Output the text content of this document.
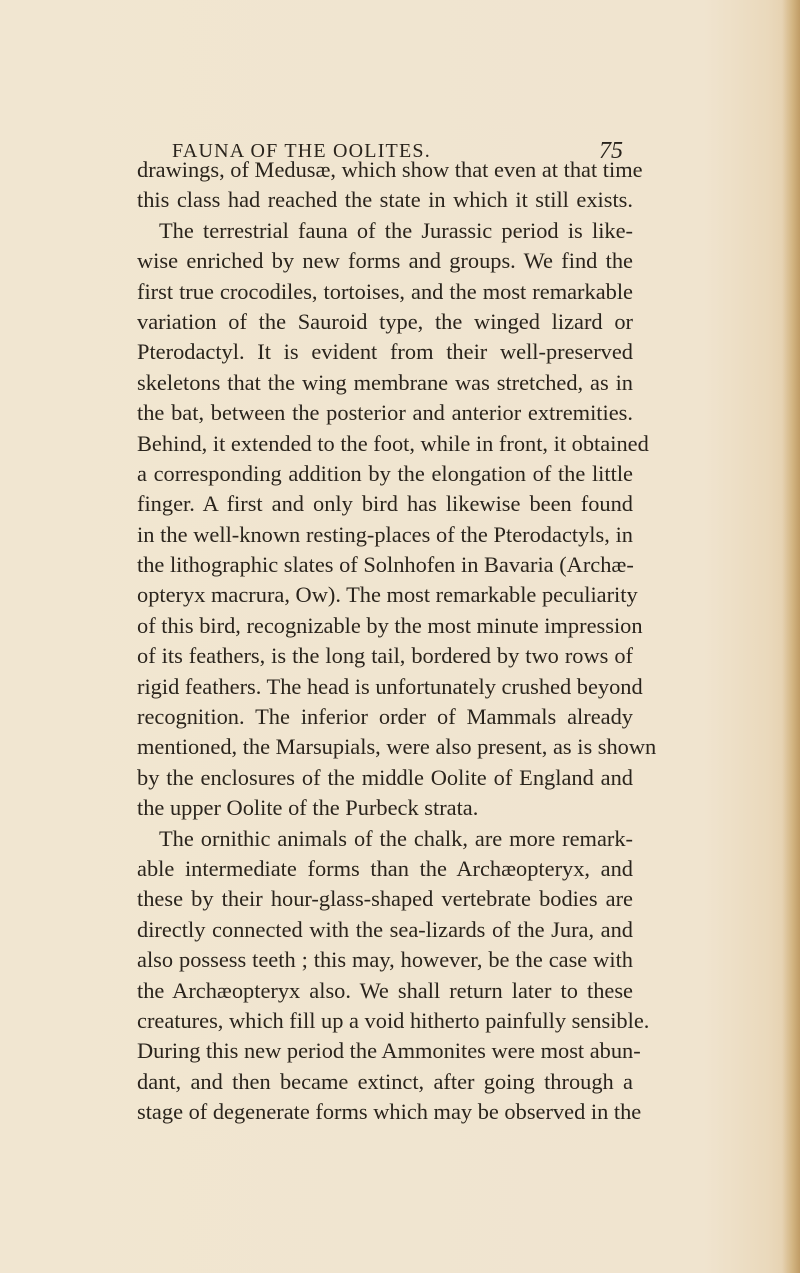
FAUNA OF THE OOLITES.	75
drawings, of Medusæ, which show that even at that time
this class had reached the state in which it still exists.
The terrestrial fauna of the Jurassic period is like-
wise enriched by new forms and groups. We find the
first true crocodiles, tortoises, and the most remarkable
variation of the Sauroid type, the winged lizard or
Pterodactyl. It is evident from their well-preserved
skeletons that the wing membrane was stretched, as in
the bat, between the posterior and anterior extremities.
Behind, it extended to the foot, while in front, it obtained
a corresponding addition by the elongation of the little
finger. A first and only bird has likewise been found
in the well-known resting-places of the Pterodactyls, in
the lithographic slates of Solnhofen in Bavaria (Archæ-
opteryx macrura, Ow). The most remarkable peculiarity
of this bird, recognizable by the most minute impression
of its feathers, is the long tail, bordered by two rows of
rigid feathers. The head is unfortunately crushed beyond
recognition. The inferior order of Mammals already
mentioned, the Marsupials, were also present, as is shown
by the enclosures of the middle Oolite of England and
the upper Oolite of the Purbeck strata.
The ornithic animals of the chalk, are more remark-
able intermediate forms than the Archæopteryx, and
these by their hour-glass-shaped vertebrate bodies are
directly connected with the sea-lizards of the Jura, and
also possess teeth ; this may, however, be the case with
the Archæopteryx also. We shall return later to these
creatures, which fill up a void hitherto painfully sensible.
During this new period the Ammonites were most abun-
dant, and then became extinct, after going through a
stage of degenerate forms which may be observed in the
